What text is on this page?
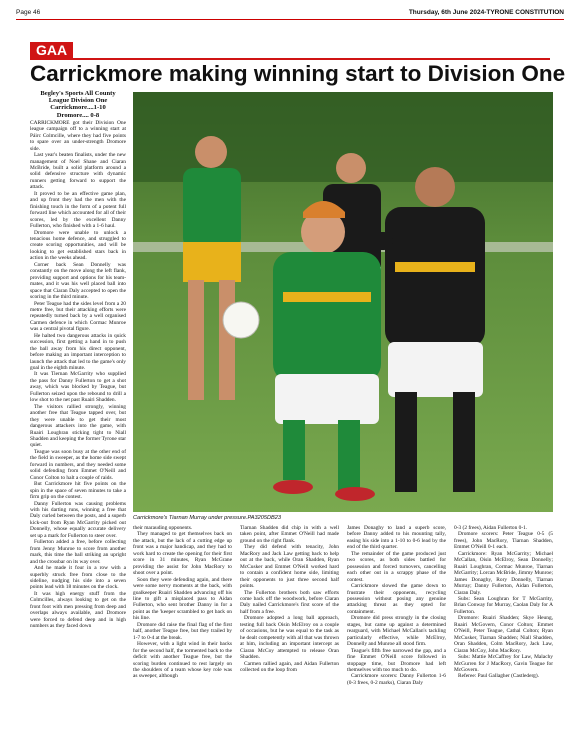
Page 46	Thursday, 6th June 2024-TYRONE CONSTITUTION
GAA
Carrickmore making winning start to Division One
Begley's Sports All County
League Division One
Carrickmore....1-10
Dromore.... 0-8

CARRICKMORE got their Division One league campaign off to a winning start at Páirc Colmcille, where they had five points to spare over an under-strength Dromore side.

Last year's beaten finalists, under the new management of Noel Shane and Ciaran McBride, built a solid platform around a solid defensive structure with dynamic runners getting forward to support the attack.

It proved to be an effective game plan, and up front they had the men with the finishing touch in the form of a potent full forward line which accounted for all of their scores, led by the excellent Danny Fullerton, who finished with a 1-6 haul.

Dromore were unable to unlock a tenacious home defence, and struggled to create scoring opportunities, and will be looking to get established stars back in action in the weeks ahead.

Corner back Sean Donnelly was constantly on the move along the left flank, providing support and options for his team-mates, and it was his well placed ball into space that Ciaran Daly accepted to open the scoring in the third minute.

Peter Teague had the sides level from a 20 metre free, but their attacking efforts were repeatedly turned back by a well organised Carmen defence in which Cormac Munroe was a central pivotal figure.

He halted two dangerous attacks in quick succession, first getting a hand in to push the ball away from his direct opponent, before making an important interception to launch the attack that led to the game's only goal in the eighth minute.

It was Tiernan McGarrity who supplied the pass for Danny Fullerton to get a shot away, which was blocked by Teague, but Fullerton seized upon the rebound to drill a low shot to the net past Ruairi Shadden.

The visitors rallied strongly, winning another free that Teague tapped over, but they were unable to get their most dangerous attackers into the game, with Ruairi Loughran sticking tight to Niall Shadden and keeping the former Tyrone star quiet.

Teague was soon busy at the other end of the field in sweeper, as the home side swept forward in numbers, and they needed some solid defending from Emmet O'Neill and Conor Colton to halt a couple of raids.

But Carrickmore hit five points on the spin in the space of seven minutes to take a firm grip on the contest.

Danny Fullerton was causing problems with his darting runs, winning a free that Daly curled between the posts, and a superb kick-out from Ryan McGarrity picked out Donnelly, whose equally accurate delivery set up a mark for Fullerton to steer over.

Fullerton added a free, before collecting from Jenny Munroe to score from another mark, this time the ball striking an upright and the crossbar on its way over.

And he made it four in a row with a superbly struck free from close to the sideline, nudging his side into a seven points lead with 18 minutes on the clock.

It was high energy stuff from the Colmcilles, always looking to get on the front foot with men pressing from deep and overlaps always available, and Dromore were forced to defend deep and in high numbers as they faced down

Carrickmore's Tiarnan Murray under pressure.PA3205DB23

their marauding opponents.

They managed to get themselves back on the attack, but the lack of a cutting edge up front was a major handicap, and they had to work hard to create the opening for their first score in 31 minutes, Ryan McGrane providing the assist for John MacRory to shoot over a point.

Soon they were defending again, and there were some nervy moments at the back, with goalkeeper Ruairi Shadden advancing off his line to gift a misplaced pass to Aidan Fullerton, who sent brother Danny in for a point as the 'keeper scrambled to get back on his line.

Dromore did raise the final flag of the first half, another Teague free, but they trailed by 1-7 to 0-4 at the break.

However, with a light wind in their backs for the second half, the tormented back to the deficit with another Teague free, but the scoring burden continued to rest largely on the shoulders of a team whose key role was as sweeper, although

Tiarnan Shadden did chip in with a well taken point, after Emmet O'Neill had made ground on the right flank.

They did defend with tenacity, John MacRory and Jack Law getting back to help out at the back, while Oran Shadden, Ryan McCusker and Emmet O'Neill worked hard to contain a confident home side, limiting their opponents to just three second half points.

The Fullerton brothers both saw efforts come back off the woodwork, before Ciaran Daly nailed Carrickmore's first score of the half from a free.

Dromore adopted a long ball approach, testing full back Oisin McElroy on a couple of occasions, but he was equal to the task as he dealt competently with all that was thrown at him, including an important intercept as Ciaran McCoy attempted to release Oran Shadden.

Carmen rallied again, and Aidan Fullerton collected on the loop from

James Donaghy to land a superb score, before Danny added to his mounting tally, easing his side into a 1-10 to 0-6 lead by the end of the third quarter.

The remainder of the game produced just two scores, as both sides battled for possession and forced turnovers, cancelling each other out in a scrappy phase of the contest.

Carrickmore slowed the game down to frustrate their opponents, recycling possession without posing any genuine attacking threat as they opted for containment.

Dromore did press strongly in the closing stages, but came up against a determined rearguard, with Michael McCallan's tackling particularly effective, while McElroy, Donnelly and Munroe all stood firm.

Teague's fifth free narrowed the gap, and a fine Emmet O'Neill score followed in stoppage time, but Dromore had left themselves with too much to do.

Carrickmore scorers: Danny Fullerton 1-6 (0-3 frees, 0-2 marks), Ciaran Daly

0-3 (2 frees), Aidan Fullerton 0-1.

Dromore scorers: Peter Teague 0-5 (5 frees), John MacRory, Tiarnan Shadden, Emmet O'Neill 0-1 each.

Carrickmore: Ryan McGarrity; Michael McCallan, Oisin McElroy, Sean Donnelly; Ruairi Loughran, Cormac Munroe, Tiarnan McGarrity; Lorcan McBride, Jimmy Munroe; James Donaghy, Rory Donnelly, Tiarnan Murray; Danny Fullerton, Aidan Fullerton, Ciaran Daly.

Subs: Sean Loughran for T McGarrity, Brian Conway for Murray, Caolan Daly for A Fullerton.

Dromore: Ruairi Shadden; Skye Heung, Ruairi McGovern, Conor Colton; Emmet O'Neill, Peter Teague, Cathal Colton; Ryan McCusker, Tiarnan Shadden; Niall Shadden, Oran Shadden, Colm MacRory, Jack Law, Ciaran McCoy, John MacRory.

Subs: Mattie McCaffrey for Law, Malachy McGurren for J MacRory, Gavin Teague for McGovern.

Referee: Paul Gallagher (Castlederg).
